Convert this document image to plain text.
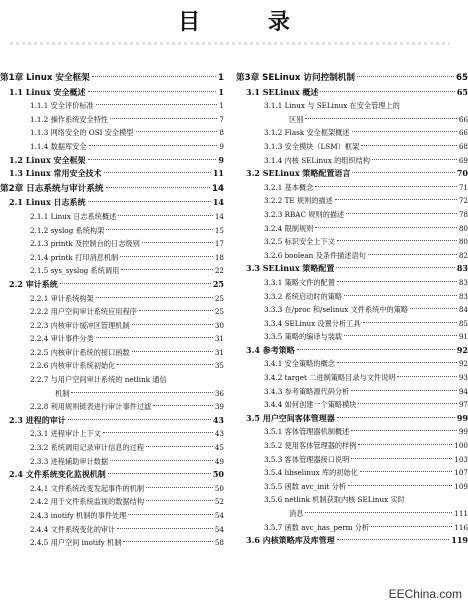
目 录
第1章 Linux 安全框架	1
1.1 Linux 安全概述	1
1.1.1 安全评价标准	1
1.1.2 操作系统安全特性	7
1.1.3 网络安全的 OSI 安全模型	8
1.1.4 数据库安全	9
1.2 Linux 安全框架	9
1.3 Linux 常用安全技术	11
第2章 日志系统与审计系统	14
2.1 Linux 日志系统	14
2.1.1 Linux 日志系统概述	14
2.1.2 syslog 系统构架	15
2.1.3 printk 及控制台的日志级别	17
2.1.4 printk 打印消息机制	18
2.1.5 sys_syslog 系统调用	22
2.2 审计系统	25
2.2.1 审计系统构架	25
2.2.2 用户空间审计系统应用程序	25
2.2.3 内核审计缓冲区管理机制	30
2.2.4 审计事件分类	31
2.2.5 内核审计系统的接口函数	31
2.2.6 内核审计系统初始化	35
2.2.7 与用户空间审计系统的 netlink 通信
机制	36
2.2.8 利用规则链表进行审计事件过滤	39
2.3 进程的审计	43
2.3.1 进程审计上下文	43
2.3.2 系统调用记录审计信息的过程	45
2.3.3 进程辅助审计数据	49
2.4 文件系统变化监视机制	50
2.4.1 文件系统改变发起事件的机制	50
2.4.2 用于文件系统监视的数据结构	52
2.4.3 inotify 机制的事件处理	54
2.4.4 文件系统变化的审计	54
2.4.5 用户空间 inotify 机制	58
第3章 SELinux 访问控制机制	65
3.1 SELinux 概述	65
3.1.1 Linux 与 SELinux 在安全管理上的
区别	66
3.1.2 Flask 安全框架概述	66
3.1.3 安全模块（LSM）框架	68
3.1.4 内核 SELinux 的组织结构	69
3.2 SELinux 策略配置语言	70
3.2.1 基本概念	71
3.2.2 TE 规则的描述	72
3.2.3 RBAC 规则的描述	78
3.2.4 限制规则	80
3.2.5 标识安全上下文	80
3.2.6 boolean 及条件描述语句	82
3.3 SELinux 策略配置	83
3.3.1 策略文件的配置	83
3.3.2 系统启动时的策略	83
3.3.3 在/proc 和/selinux 文件系统中的策略	84
3.3.4 SELinux 设置分析工具	85
3.3.5 策略的编译与装载	91
3.4 参考策略	92
3.4.1 安全策略的概念	92
3.4.2 target 二进制策略目录与文件说明	93
3.4.3 参考策略源代码分析	94
3.4.4 如何创建一个策略模块	97
3.5 用户空间客体管理器	99
3.5.1 客体管理器机制概述	99
3.5.2 使用客体管理器的样例	100
3.5.3 客体管理器接口说明	103
3.5.4 libselinux 库的初始化	107
3.5.5 函数 avc_init 分析	109
3.5.6 netlink 机制获取内核 SELinux 实时
消息	111
3.5.7 函数 avc_has_perm 分析	116
3.6 内核策略库及库管理	119
EEChina.com
